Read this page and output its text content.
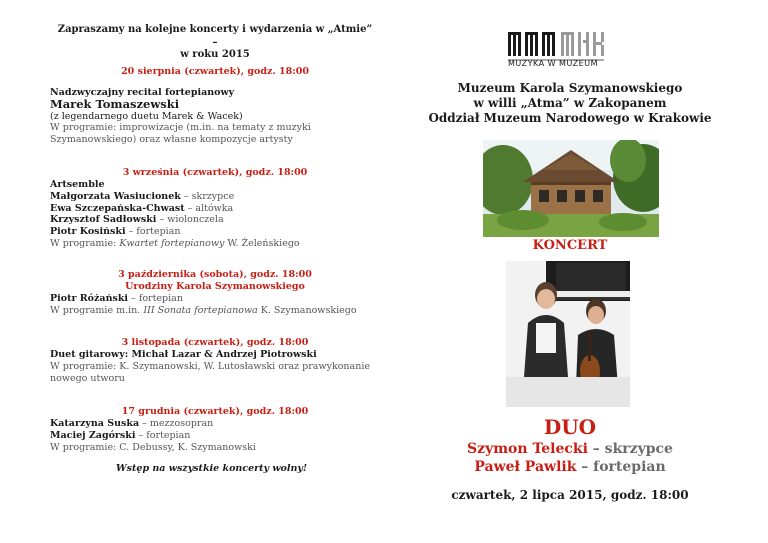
Zapraszamy na kolejne koncerty i wydarzenia w „Atmie” –
w roku 2015
20 sierpnia (czwartek), godz. 18:00
Nadzwyczajny recital fortepianowy
Marek Tomaszewski
(z legendarnego duetu Marek & Wacek)
W programie: improwizacje (m.in. na tematy z muzyki Szymanowskiego) oraz własne kompozycje artysty
3 września (czwartek), godz. 18:00
Artsemble
Małgorzata Wasiucionek – skrzypce
Ewa Szczepańska-Chwast – altówka
Krzysztof Sadłowski – wiolonczela
Piotr Kosiński – fortepian
W programie: Kwartet fortepianowy W. Żeleńskiego
3 października (sobota), godz. 18:00
Urodziny Karola Szymanowskiego
Piotr Różański – fortepian
W programie m.in. III Sonata fortepianowa K. Szymanowskiego
3 listopada (czwartek), godz. 18:00
Duet gitarowy: Michał Lazar & Andrzej Piotrowski
W programie: K. Szymanowski, W. Lutosławski oraz prawykonanie nowego utworu
17 grudnia (czwartek), godz. 18:00
Katarzyna Suska – mezzosopran
Maciej Zagórski – fortepian
W programie: C. Debussy, K. Szymanowski
Wstęp na wszystkie koncerty wolny!
MUZYKA W MUZEUM
Muzeum Karola Szymanowskiego
w willi „Atma” w Zakopanem
Oddział Muzeum Narodowego w Krakowie
KONCERT
DUO
Szymon Telecki – skrzypce
Paweł Pawlik – fortepian
czwartek, 2 lipca 2015, godz. 18:00
